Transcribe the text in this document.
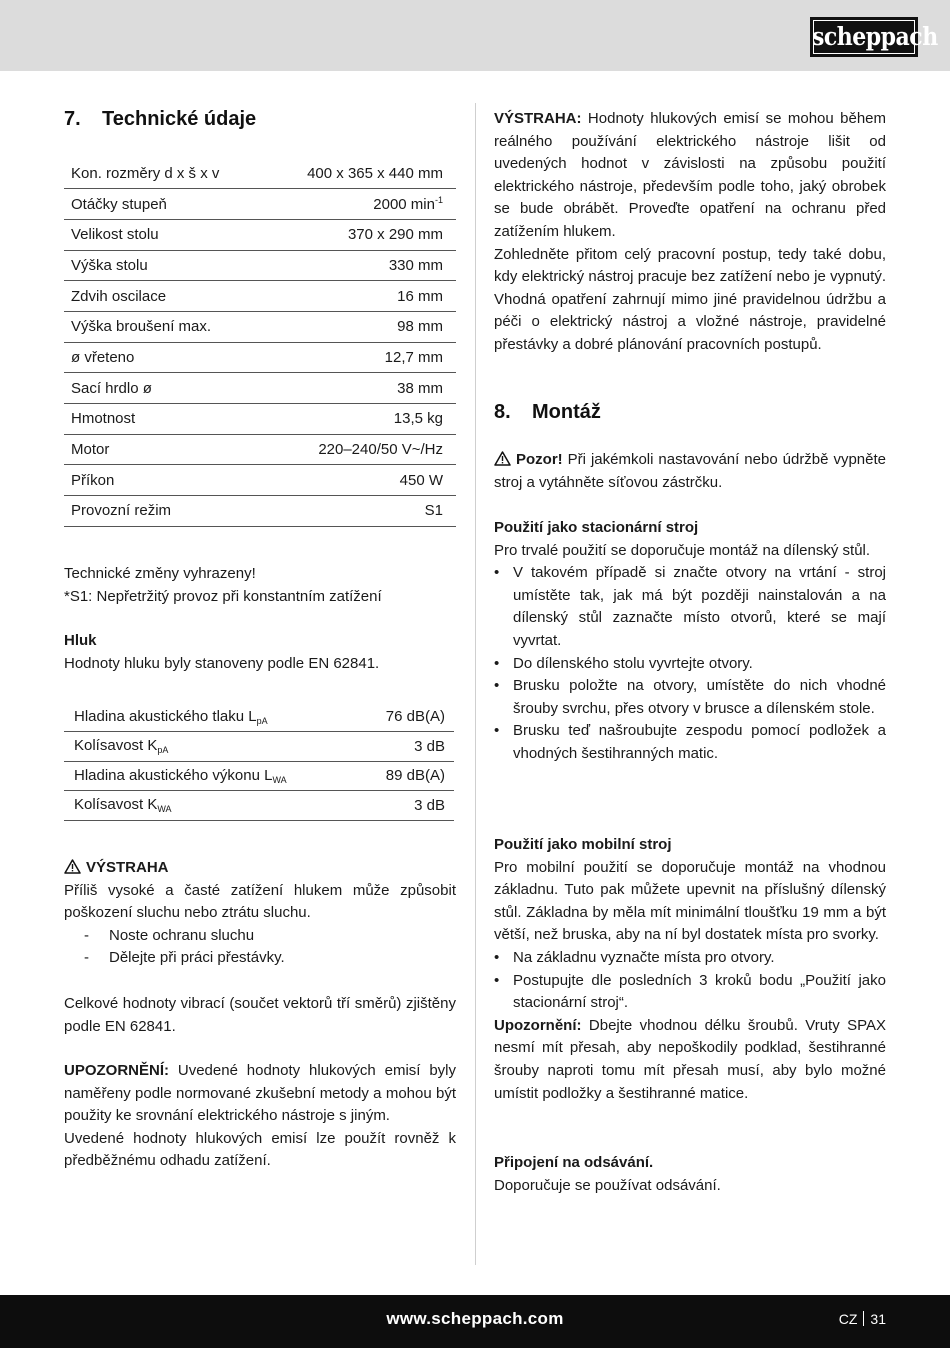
scheppach
7.	Technické údaje
Kon. rozměry d x š x v	400 x 365 x 440 mm
Otáčky stupeň	2000 $\min^{-1}$
Velikost stolu	370 x 290 mm
Výška stolu	330 mm
Zdvih oscilace	16 mm
Výška broušení max.	98 mm
ø vřeteno	12,7 mm
Sací hrdlo ø	38 mm
Hmotnost	13,5 kg
Motor	220–240/50 V~/Hz
Příkon	450 W
Provozní režim	S1

Technické změny vyhrazeny!

*S1: Nepřetržitý provoz při konstantním zatížení

Hluk

Hodnoty hluku byly stanoveny podle EN 62841.

Hladina akustického tlaku $L_{pA}$	76 dB(A)
Kolísavost $K_{pA}$	3 dB
Hladina akustického výkonu $L_{WA}$	89 dB(A)
Kolísavost $K_{WA}$	3 dB

VÝSTRAHA

Příliš vysoké a časté zatížení hlukem může způsobit poškození sluchu nebo ztrátu sluchu.

- Noste ochranu sluchu
- Dělejte při práci přestávky.

Celkové hodnoty vibrací (součet vektorů tří směrů) zjištěny podle EN 62841.

UPOZORNĚNÍ: Uvedené hodnoty hlukových emisí byly naměřeny podle normované zkušební metody a mohou být použity ke srovnání elektrického nástroje s jiným.

Uvedené hodnoty hlukových emisí lze použít rovněž k předběžnému odhadu zatížení.

VÝSTRAHA: Hodnoty hlukových emisí se mohou během reálného používání elektrického nástroje lišit od uvedených hodnot v závislosti na způsobu použití elektrického nástroje, především podle toho, jaký obrobek se bude obrábět. Proveďte opatření na ochranu před zatížením hlukem.

Zohledněte přitom celý pracovní postup, tedy také dobu, kdy elektrický nástroj pracuje bez zatížení nebo je vypnutý. Vhodná opatření zahrnují mimo jiné pravidelnou údržbu a péči o elektrický nástroj a vložné nástroje, pravidelné přestávky a dobré plánování pracovních postupů.

8.	Montáž

Pozor! Při jakémkoli nastavování nebo údržbě vypněte stroj a vytáhněte síťovou zástrčku.

Použití jako stacionární stroj

Pro trvalé použití se doporučuje montáž na dílenský stůl.

• V takovém případě si značte otvory na vrtání - stroj umístěte tak, jak má být později nainstalován a na dílenský stůl zaznačte místo otvorů, které se mají vyvrtat.
• Do dílenského stolu vyvrtejte otvory.
• Brusku položte na otvory, umístěte do nich vhodné šrouby svrchu, přes otvory v brusce a dílenském stole.
• Brusku teď našroubujte zespodu pomocí podložek a vhodných šestihranných matic.

Použití jako mobilní stroj

Pro mobilní použití se doporučuje montáž na vhodnou základnu. Tuto pak můžete upevnit na příslušný dílenský stůl. Základna by měla mít minimální tloušťku 19 mm a být větší, než bruska, aby na ní byl dostatek místa pro svorky.

• Na základnu vyznačte místa pro otvory.
• Postupujte dle posledních 3 kroků bodu „Použití jako stacionární stroj“.

Upozornění: Dbejte vhodnou délku šroubů. Vruty SPAX nesmí mít přesah, aby nepoškodily podklad, šestihranné šrouby naproti tomu mít přesah musí, aby bylo možné umístit podložky a šestihranné matice.

Připojení na odsávání.

Doporučuje se používat odsávání.

www.scheppach.com	CZ 31
